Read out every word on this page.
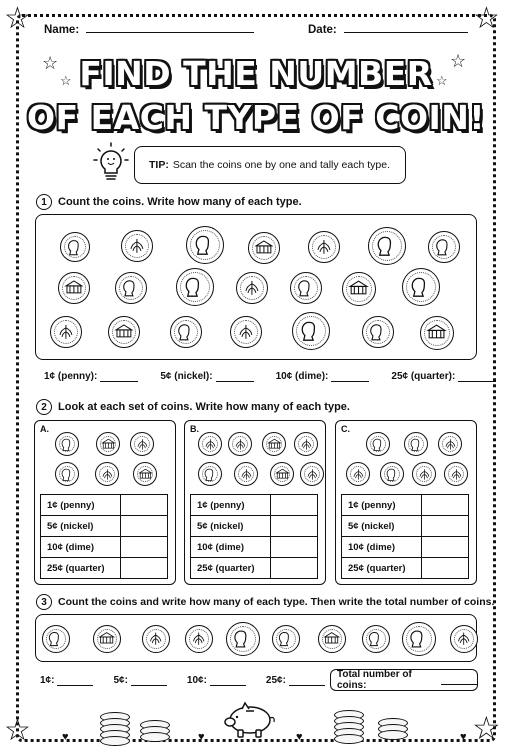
☆	☆
☆	☆
☆
☆
☆
☆
Name:	Date:
FIND THE NUMBER
OF EACH TYPE OF COIN!
TIP: Scan the coins one by one and tally each type.
1	Count the coins. Write how many of each type.
1¢ (penny):	5¢ (nickel):	10¢ (dime):	25¢ (quarter):
2	Look at each set of coins. Write how many of each type.
A.	B.	C.
1¢ (penny)	
5¢ (nickel)	
10¢ (dime)	
25¢ (quarter)	
1¢ (penny)	
5¢ (nickel)	
10¢ (dime)	
25¢ (quarter)	
1¢ (penny)	
5¢ (nickel)	
10¢ (dime)	
25¢ (quarter)	
3	Count the coins and write how many of each type. Then write the total number of coins.
1¢:	5¢:	10¢:	25¢:
Total number of coins:
♥	♥	♥	♥
